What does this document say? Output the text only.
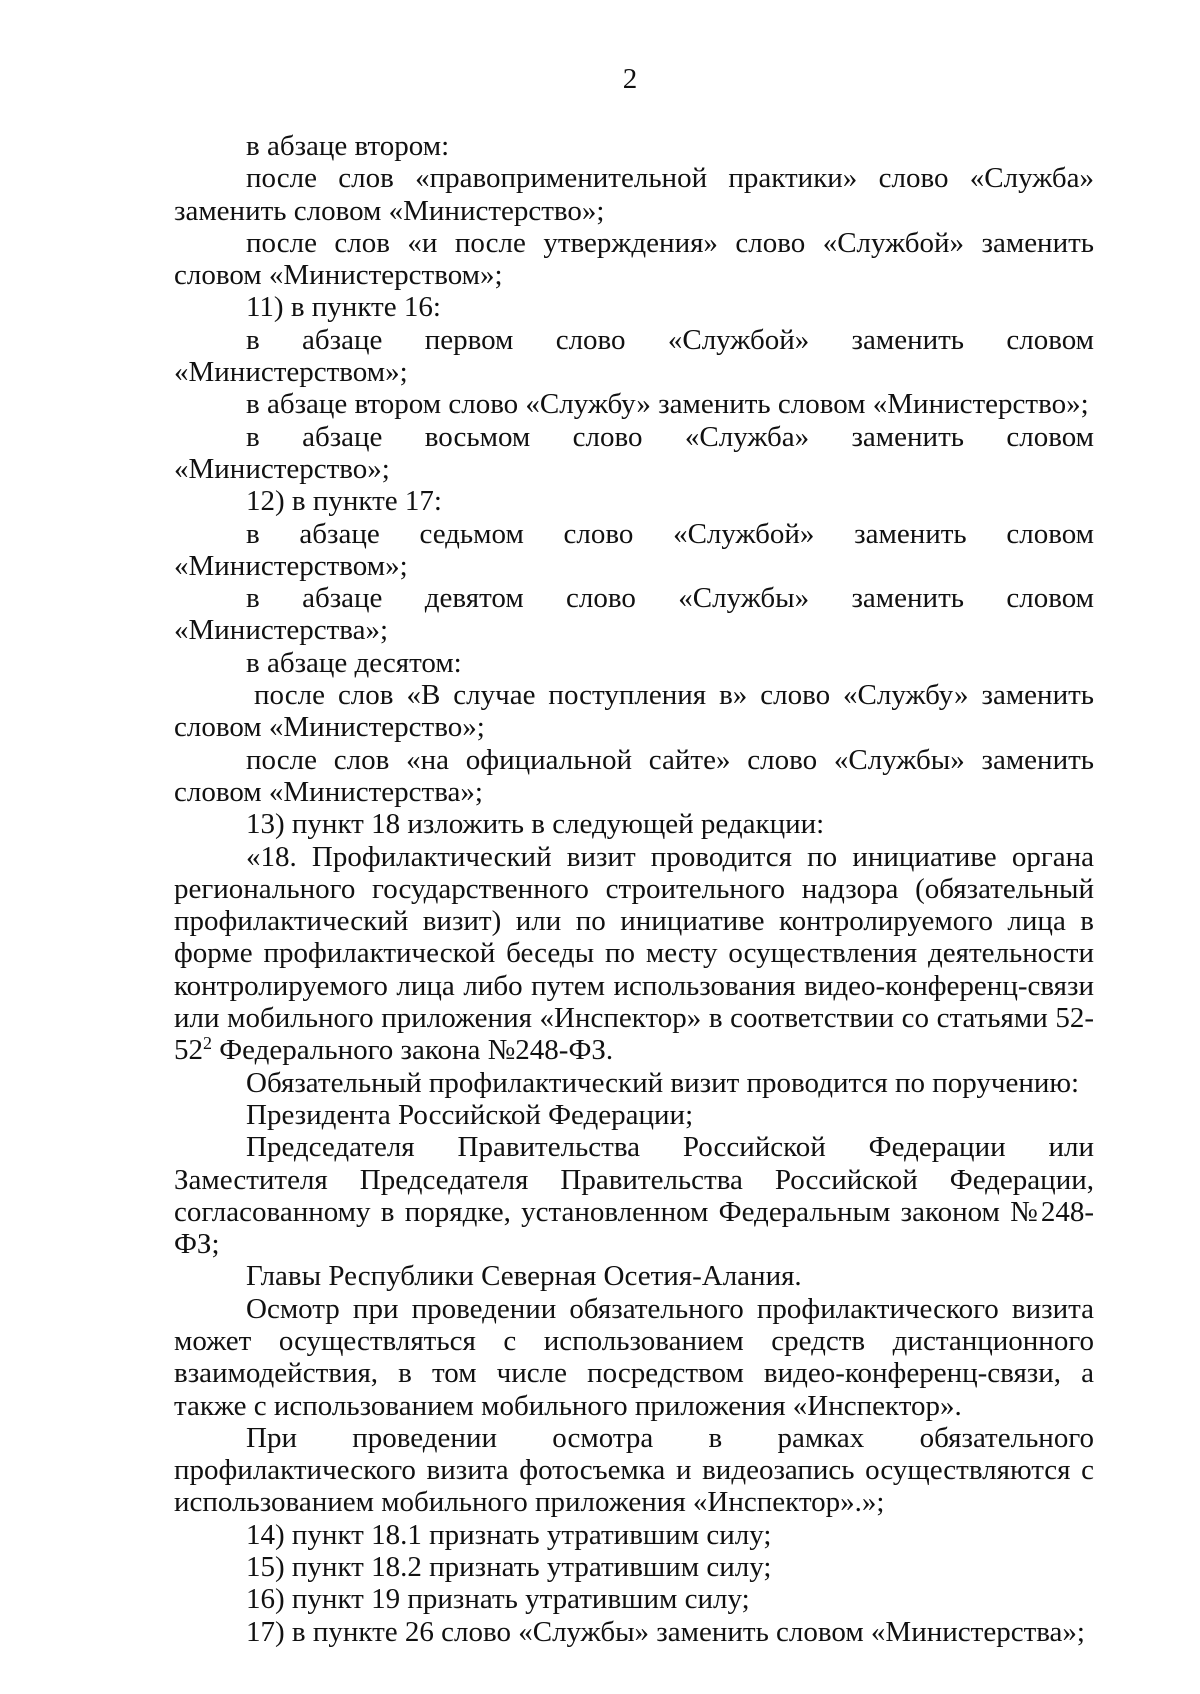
2

в абзаце втором:

после слов «правоприменительной практики» слово «Служба» заменить словом «Министерство»;

после слов «и после утверждения» слово «Службой» заменить словом «Министерством»;

11) в пункте 16:

в абзаце первом слово «Службой» заменить словом «Министерством»;

в абзаце втором слово «Службу» заменить словом «Министерство»;

в абзаце восьмом слово «Служба» заменить словом «Министерство»;

12) в пункте 17:

в абзаце седьмом слово «Службой» заменить словом «Министерством»;

в абзаце девятом слово «Службы» заменить словом «Министерства»;

в абзаце десятом:

после слов «В случае поступления в» слово «Службу» заменить словом «Министерство»;

после слов «на официальной сайте» слово «Службы» заменить словом «Министерства»;

13) пункт 18 изложить в следующей редакции:

«18. Профилактический визит проводится по инициативе органа регионального государственного строительного надзора (обязательный профилактический визит) или по инициативе контролируемого лица в форме профилактической беседы по месту осуществления деятельности контролируемого лица либо путем использования видео-конференц-связи или мобильного приложения «Инспектор» в соответствии со статьями $52-52^2$ Федерального закона №248-ФЗ.

Обязательный профилактический визит проводится по поручению:

Президента Российской Федерации;

Председателя Правительства Российской Федерации или Заместителя Председателя Правительства Российской Федерации, согласованному в порядке, установленном Федеральным законом №248-ФЗ;

Главы Республики Северная Осетия-Алания.

Осмотр при проведении обязательного профилактического визита может осуществляться с использованием средств дистанционного взаимодействия, в том числе посредством видео-конференц-связи, а также с использованием мобильного приложения «Инспектор».

При проведении осмотра в рамках обязательного профилактического визита фотосъемка и видеозапись осуществляются с использованием мобильного приложения «Инспектор».»;

14) пункт 18.1 признать утратившим силу;

15) пункт 18.2 признать утратившим силу;

16) пункт 19 признать утратившим силу;

17) в пункте 26 слово «Службы» заменить словом «Министерства»;
